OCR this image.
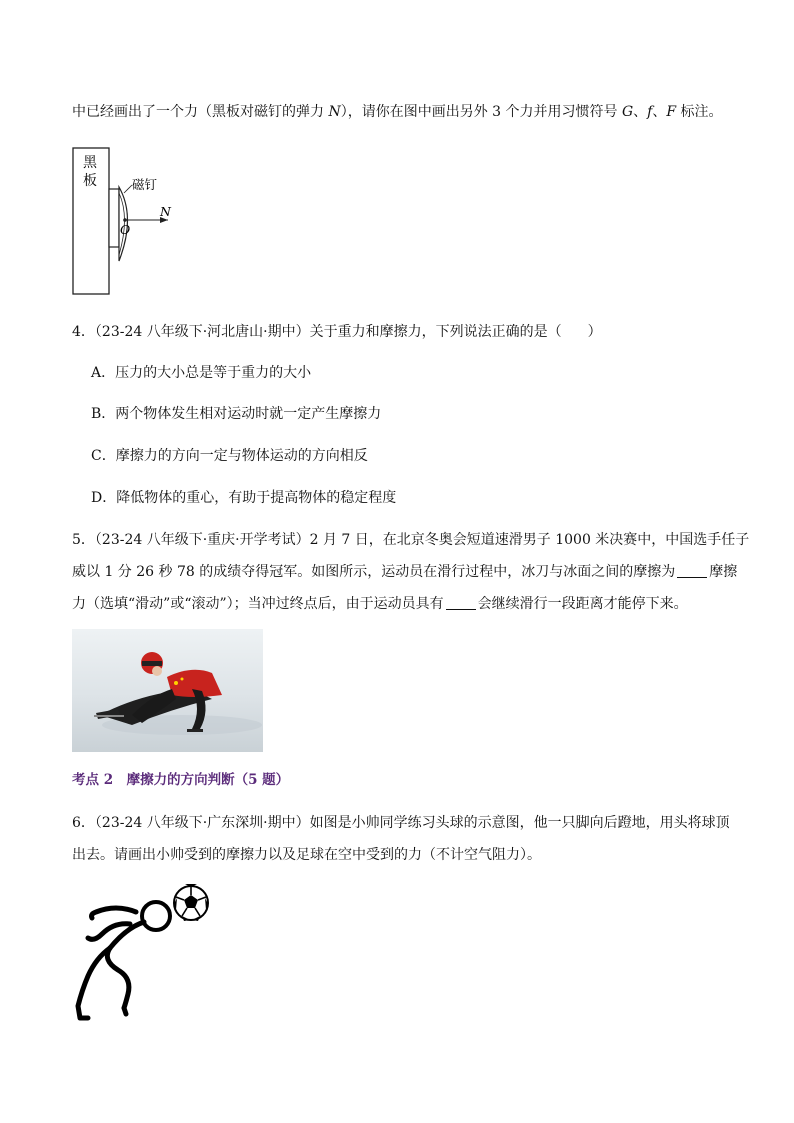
中已经画出了一个力（黑板对磁钉的弹力 N），请你在图中画出另外 3 个力并用习惯符号 G、f、F 标注。
黑
板	磁钉
N
O
4．（23-24 八年级下·河北唐山·期中）关于重力和摩擦力，下列说法正确的是（ ）
A．压力的大小总是等于重力的大小
B．两个物体发生相对运动时就一定产生摩擦力
C．摩擦力的方向一定与物体运动的方向相反
D．降低物体的重心，有助于提高物体的稳定程度
5．（23-24 八年级下·重庆·开学考试）2 月 7 日，在北京冬奥会短道速滑男子 1000 米决赛中，中国选手任子
威以 1 分 26 秒 78 的成绩夺得冠军。如图所示，运动员在滑行过程中，冰刀与冰面之间的摩擦为 摩擦
力（选填“滑动”或“滚动”）；当冲过终点后，由于运动员具有 会继续滑行一段距离才能停下来。
考点 2　摩擦力的方向判断（5 题）
6．（23-24 八年级下·广东深圳·期中）如图是小帅同学练习头球的示意图，他一只脚向后蹬地，用头将球顶
出去。请画出小帅受到的摩擦力以及足球在空中受到的力（不计空气阻力）。
